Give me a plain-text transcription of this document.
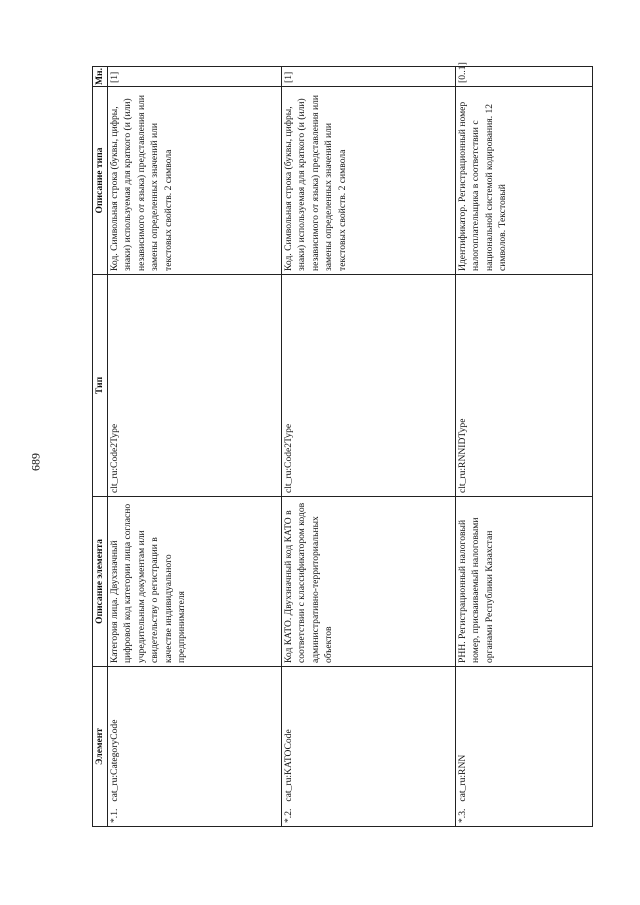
689
Элемент	Описание элемента	Тип	Описание типа	Мн.
*.1. cat_ru:CategoryCode	Категория лица. Двухзначный цифровой код категории лица согласно учредительным документам или свидетельству о регистрации в качестве индивидуального предпринимателя	clt_ru:Code2Type	Код. Символьная строка (буквы, цифры, знаки) используемая для краткого (и (или) независимого от языка) представления или замены определенных значений или текстовых свойств. 2 символа	[1]
*.2. cat_ru:KATOCode	Код КАТО. Двухзначный код КАТО в соответствии с классификатором кодов административно-территориальных объектов	clt_ru:Code2Type	Код. Символьная строка (буквы, цифры, знаки) используемая для краткого (и (или) независимого от языка) представления или замены определенных значений или текстовых свойств. 2 символа	[1]
*.3. cat_ru:RNN	РНН. Регистрационный налоговый номер, присваиваемый налоговыми органами Республики Казахстан	clt_ru:RNNIDType	Идентификатор. Регистрационный номер налогоплательщика в соответствии с национальной системой кодирования. 12 символов. Текстовый	[0..1]
